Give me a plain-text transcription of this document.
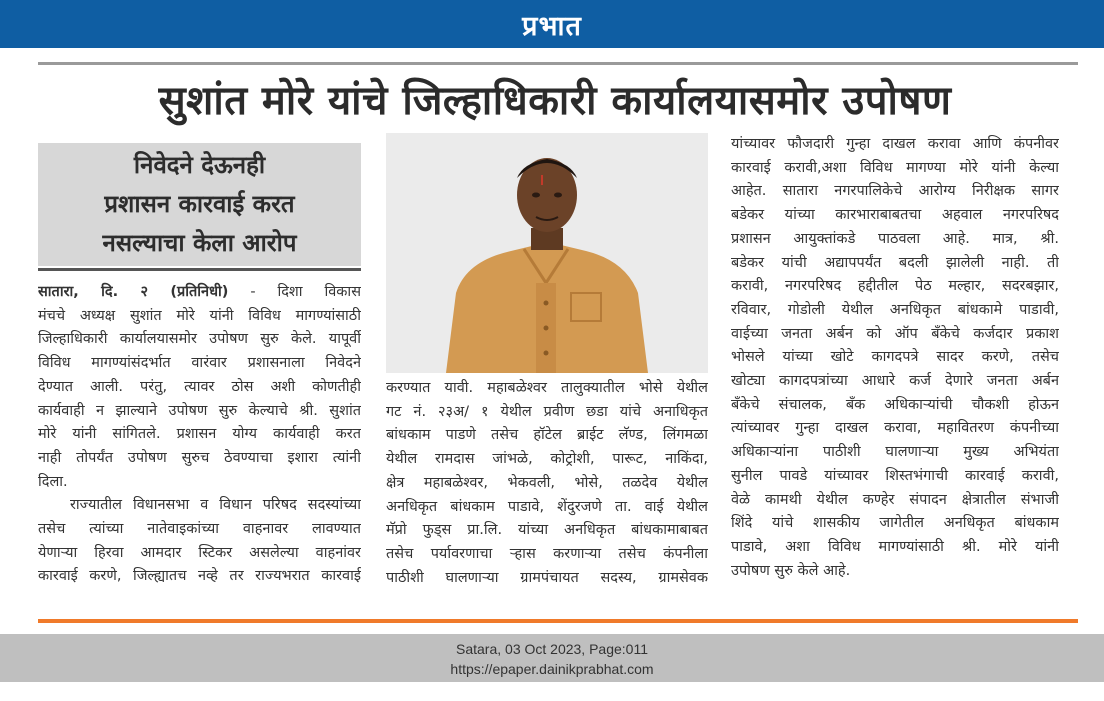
प्रभात
सुशांत मोरे यांचे जिल्हाधिकारी कार्यालयासमोर उपोषण
निवेदने देऊनही
प्रशासन कारवाई करत
नसल्याचा केला आरोप
सातारा, दि. २ (प्रतिनिधी) - दिशा विकास
मंचचे अध्यक्ष सुशांत मोरे यांनी विविध मागण्यांसाठी
जिल्हाधिकारी कार्यालयासमोर उपोषण सुरु केले. यापूर्वी
विविध मागण्यांसंदर्भात वारंवार प्रशासनाला निवेदने
देण्यात आली. परंतु, त्यावर ठोस अशी कोणतीही
कार्यवाही न झाल्याने उपोषण सुरु केल्याचे श्री. सुशांत
मोरे यांनी सांगितले. प्रशासन योग्य कार्यवाही करत
नाही तोपर्यंत उपोषण सुरुच ठेवण्याचा इशारा त्यांनी
दिला.
राज्यातील विधानसभा व विधान परिषद सदस्यांच्या
तसेच त्यांच्या नातेवाइकांच्या वाहनावर लावण्यात
येणाऱ्या हिरवा आमदार स्टिकर असलेल्या वाहनांवर
कारवाई करणे, जिल्ह्यातच नव्हे तर राज्यभरात कारवाई
करण्यात यावी. महाबळेश्वर तालुक्यातील भोसे येथील
गट नं. २३अ/ १ येथील प्रवीण छडा यांचे अनाधिकृत
बांधकाम पाडणे तसेच हॉटेल ब्राईट लॅण्ड, लिंगमळा
येथील रामदास जांभळे, कोट्रोशी, पारूट, नाकिंदा,
क्षेत्र महाबळेश्वर, भेकवली, भोसे, तळदेव येथील
अनधिकृत बांधकाम पाडावे, शेंदुरजणे ता. वाई येथील
मॅप्रो फुड्स प्रा.लि. यांच्या अनधिकृत बांधकामाबाबत
तसेच पर्यावरणाचा ऱ्हास करणाऱ्या तसेच कंपनीला
पाठीशी घालणाऱ्या ग्रामपंचायत सदस्य, ग्रामसेवक
यांच्यावर फौजदारी गुन्हा दाखल करावा आणि कंपनीवर
कारवाई करावी,अशा विविध मागण्या मोरे यांनी केल्या
आहेत. सातारा नगरपालिकेचे आरोग्य निरीक्षक सागर
बडेकर यांच्या कारभाराबाबतचा अहवाल नगरपरिषद
प्रशासन आयुक्तांकडे पाठवला आहे. मात्र, श्री.
बडेकर यांची अद्यापपर्यंत बदली झालेली नाही. ती
करावी, नगरपरिषद हद्दीतील पेठ मल्हार, सदरबझार,
रविवार, गोडोली येथील अनधिकृत बांधकामे पाडावी,
वाईच्या जनता अर्बन को ऑप बँकेचे कर्जदार प्रकाश
भोसले यांच्या खोटे कागदपत्रे सादर करणे, तसेच
खोट्या कागदपत्रांच्या आधारे कर्ज देणारे जनता अर्बन
बँकेचे संचालक, बँक अधिकाऱ्यांची चौकशी होऊन
त्यांच्यावर गुन्हा दाखल करावा, महावितरण कंपनीच्या
अधिकाऱ्यांना पाठीशी घालणाऱ्या मुख्य अभियंता
सुनील पावडे यांच्यावर शिस्तभंगाची कारवाई करावी,
वेळे कामथी येथील कण्हेर संपादन क्षेत्रातील संभाजी
शिंदे यांचे शासकीय जागेतील अनधिकृत बांधकाम
पाडावे, अशा विविध मागण्यांसाठी श्री. मोरे यांनी
उपोषण सुरु केले आहे.
Satara, 03 Oct 2023, Page:011
https://epaper.dainikprabhat.com
